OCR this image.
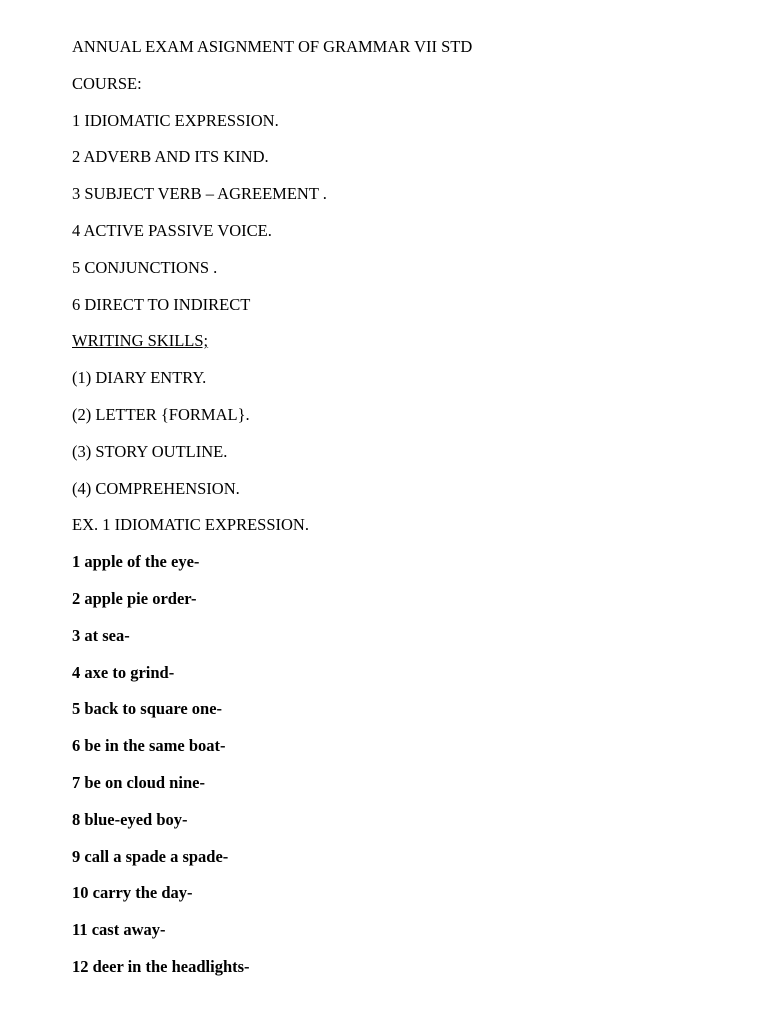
ANNUAL EXAM ASIGNMENT OF GRAMMAR VII STD
COURSE:
1 IDIOMATIC EXPRESSION.
2 ADVERB AND ITS KIND.
3 SUBJECT VERB – AGREEMENT .
4 ACTIVE PASSIVE VOICE.
5 CONJUNCTIONS .
6 DIRECT TO INDIRECT
WRITING SKILLS;
(1) DIARY ENTRY.
(2) LETTER {FORMAL}.
(3) STORY OUTLINE.
(4) COMPREHENSION.
EX. 1 IDIOMATIC EXPRESSION.
1 apple of the eye-
2 apple pie order-
3 at sea-
4 axe to grind-
5 back to square one-
6 be in the same boat-
7 be on cloud nine-
8 blue-eyed boy-
9 call a spade a spade-
10 carry the day-
11 cast away-
12 deer in the headlights-
